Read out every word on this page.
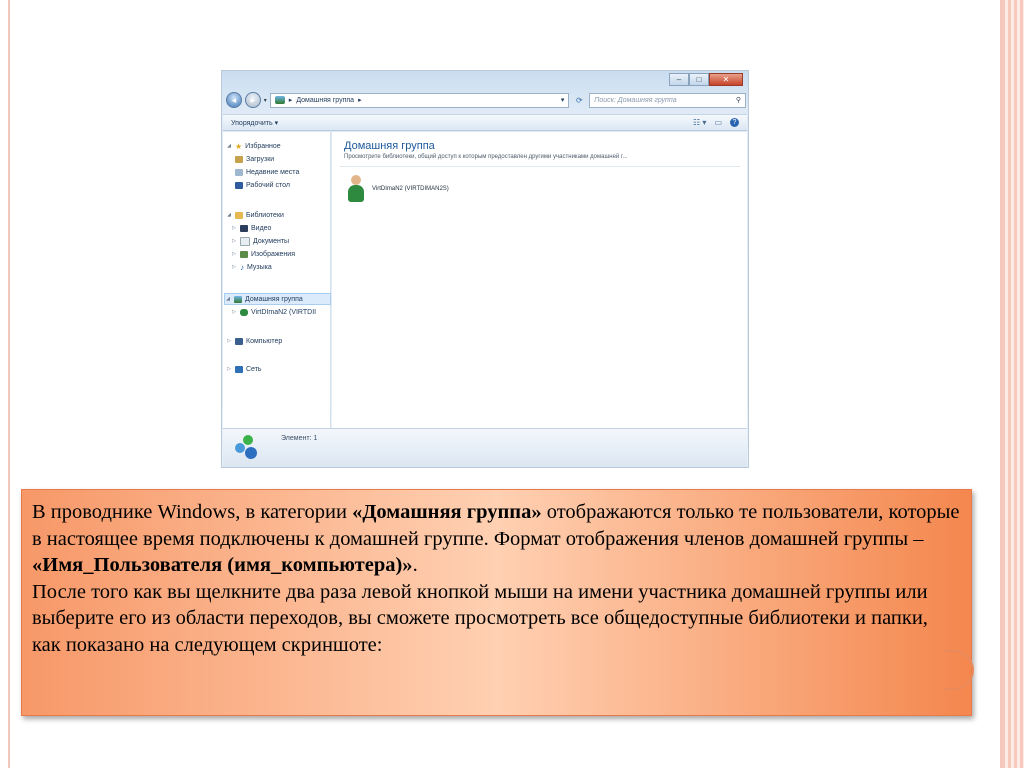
–	□	✕
◂	▸	▾	▸ Домашняя группа ▸	▾	⟳	Поиск: Домашняя группа	⚲
Упорядочить ▾	☷ ▾ ▭	?
◢ ★ Избранное
Загрузки
Недавние места
Рабочий стол
◢ Библиотеки
▷ Видео
▷ Документы
▷ Изображения
▷ ♪ Музыка
◢ Домашняя группа
▷ VirtDImaN2 (VIRTDII
▷ Компьютер
▷ Сеть
Домашняя группа
Просмотрите библиотеки, общий доступ к которым предоставлен другими участниками домашней г...
VirtDImaN2 (VIRTDIMAN2S)
Элемент: 1

В проводнике Windows, в категории «Домашняя группа» отображаются только те пользователи, которые в настоящее время подключены к домашней группе. Формат отображения членов домашней группы – «Имя_Пользователя (имя_компьютера)».

После того как вы щелкните два раза левой кнопкой мыши на имени участника домашней группы или выберите его из области переходов, вы сможете просмотреть все общедоступные библиотеки и папки, как показано на следующем скриншоте:
